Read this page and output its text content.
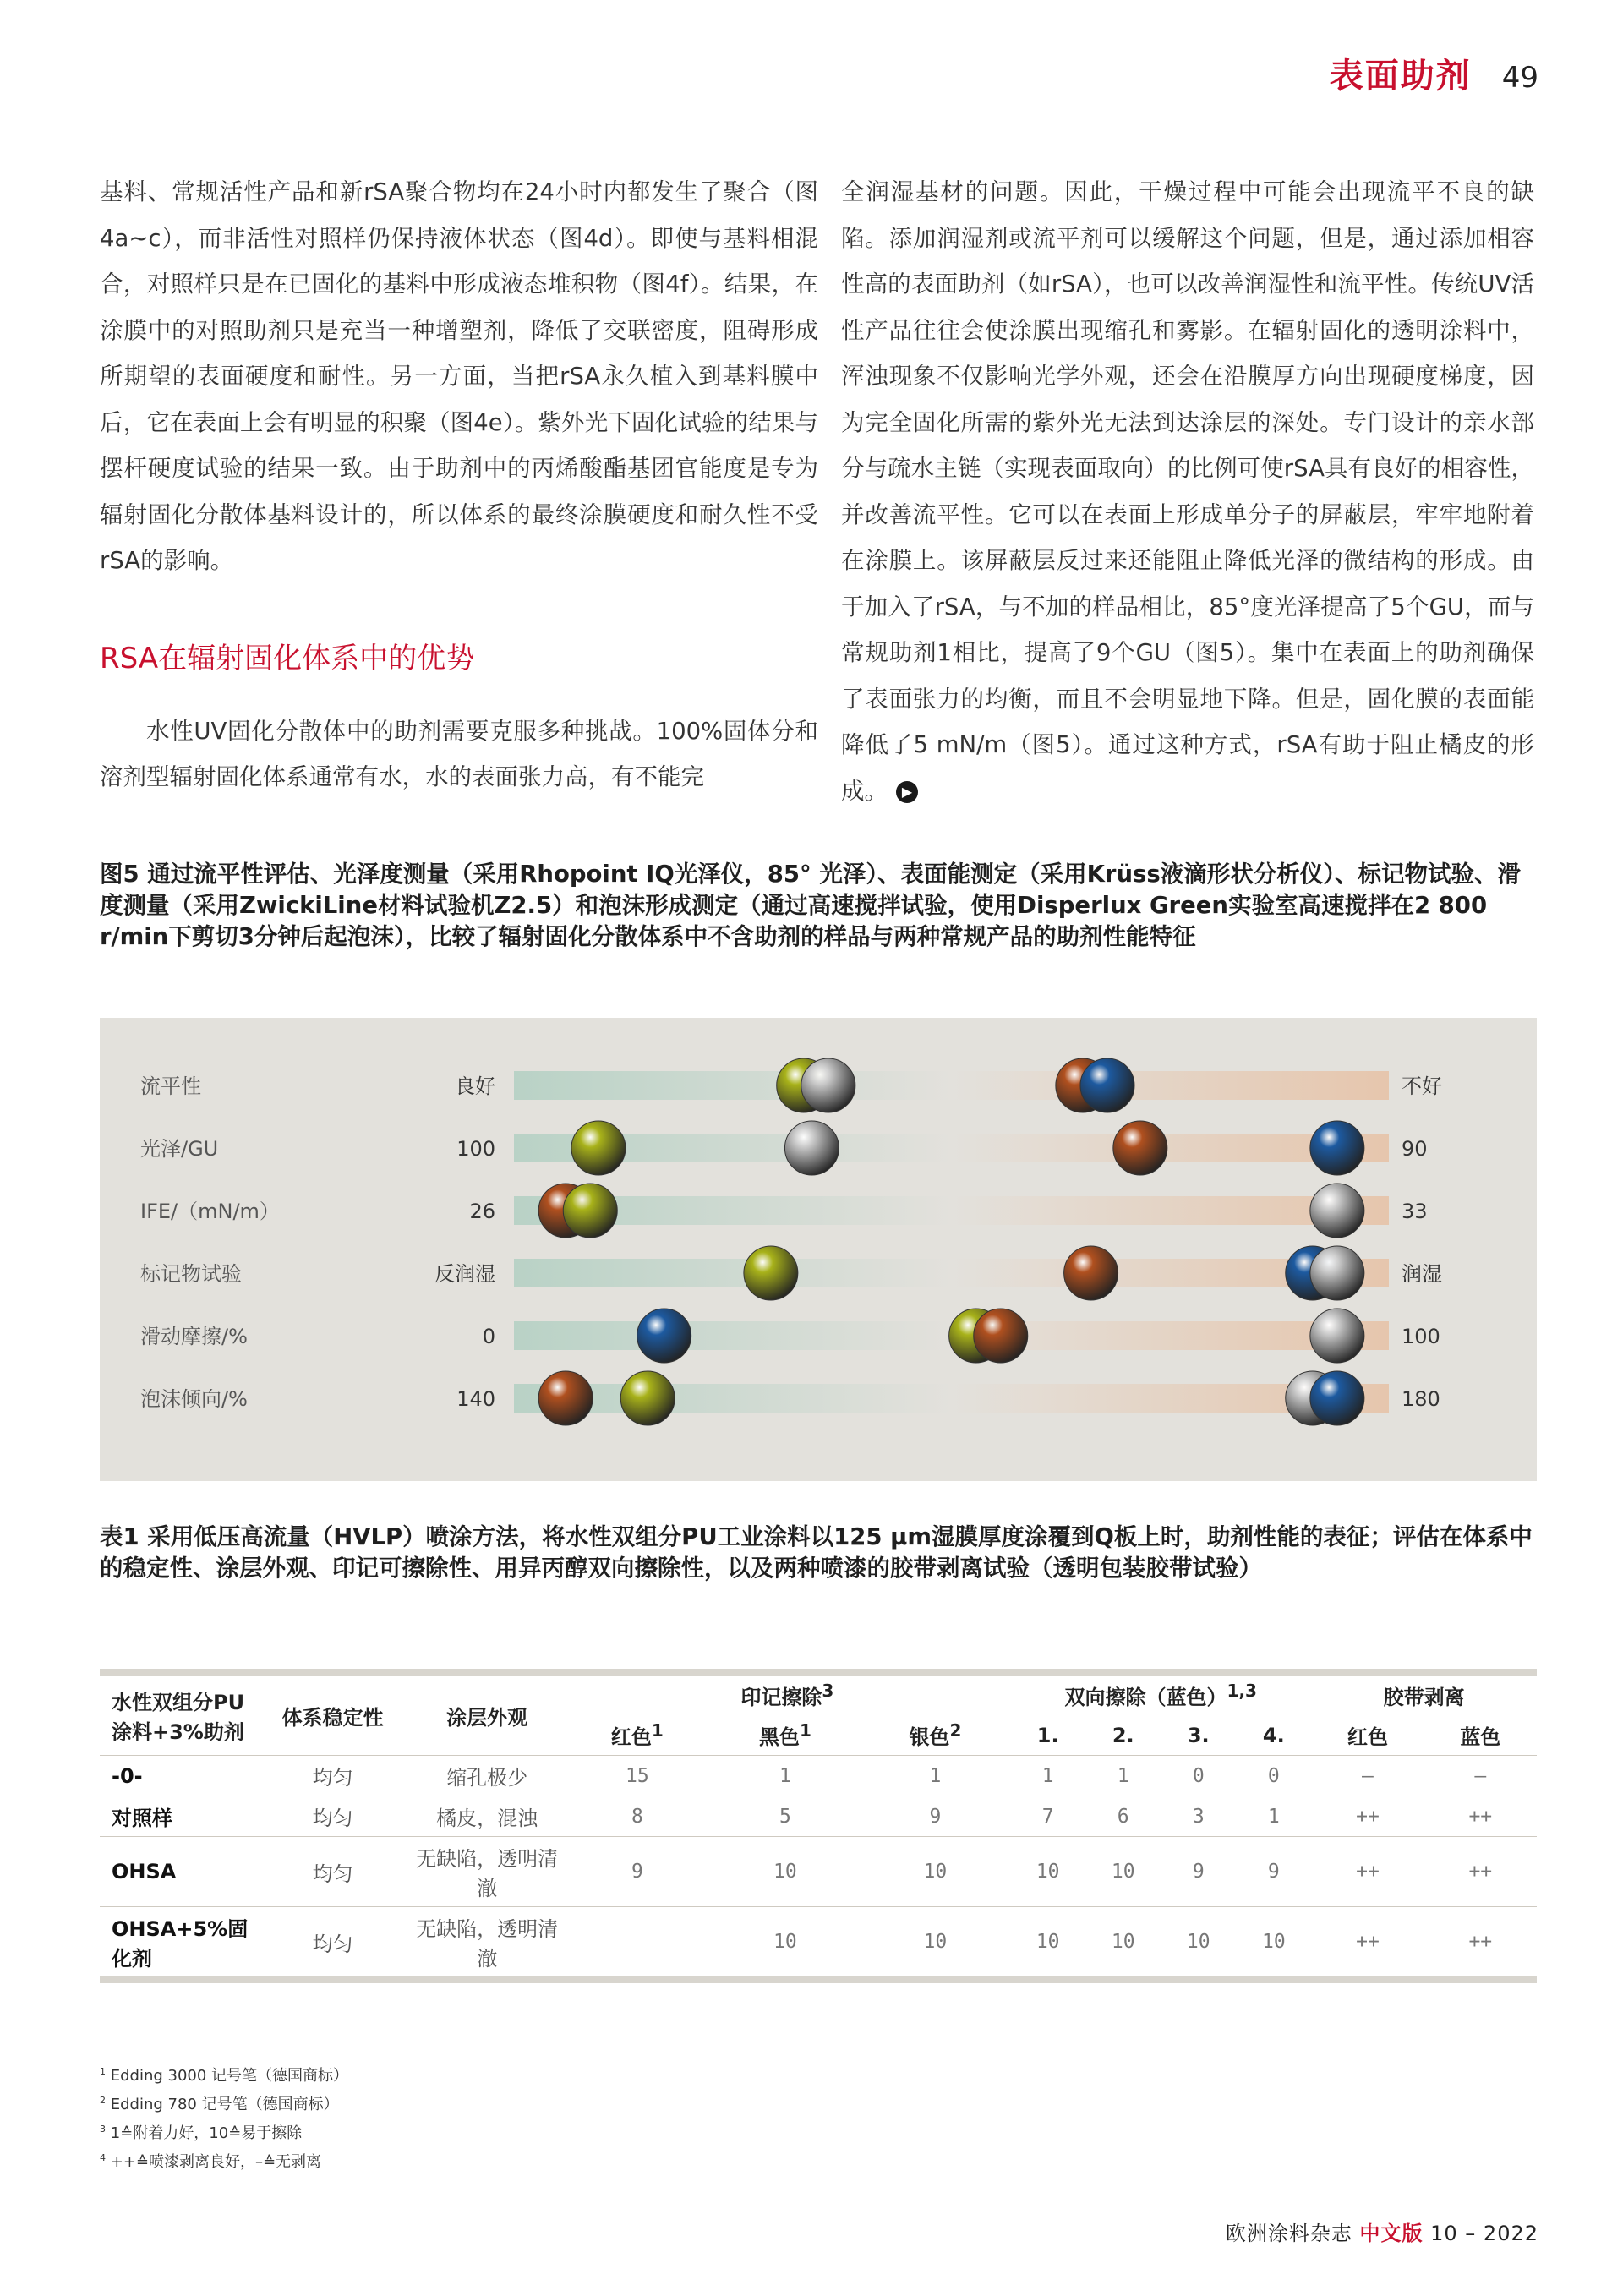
表面助剂 49

基料、常规活性产品和新rSA聚合物均在24小时内都发生了聚合（图4a~c），而非活性对照样仍保持液体状态（图4d）。即使与基料相混合，对照样只是在已固化的基料中形成液态堆积物（图4f）。结果，在涂膜中的对照助剂只是充当一种增塑剂，降低了交联密度，阻碍形成所期望的表面硬度和耐性。另一方面，当把rSA永久植入到基料膜中后，它在表面上会有明显的积聚（图4e）。紫外光下固化试验的结果与摆杆硬度试验的结果一致。由于助剂中的丙烯酸酯基团官能度是专为辐射固化分散体基料设计的，所以体系的最终涂膜硬度和耐久性不受rSA的影响。

RSA在辐射固化体系中的优势

水性UV固化分散体中的助剂需要克服多种挑战。100%固体分和溶剂型辐射固化体系通常有水，水的表面张力高，有不能完

全润湿基材的问题。因此，干燥过程中可能会出现流平不良的缺陷。添加润湿剂或流平剂可以缓解这个问题，但是，通过添加相容性高的表面助剂（如rSA），也可以改善润湿性和流平性。传统UV活性产品往往会使涂膜出现缩孔和雾影。在辐射固化的透明涂料中，浑浊现象不仅影响光学外观，还会在沿膜厚方向出现硬度梯度，因为完全固化所需的紫外光无法到达涂层的深处。专门设计的亲水部分与疏水主链（实现表面取向）的比例可使rSA具有良好的相容性，并改善流平性。它可以在表面上形成单分子的屏蔽层，牢牢地附着在涂膜上。该屏蔽层反过来还能阻止降低光泽的微结构的形成。由于加入了rSA，与不加的样品相比，85°度光泽提高了5个GU，而与常规助剂1相比，提高了9个GU（图5）。集中在表面上的助剂确保了表面张力的均衡，而且不会明显地下降。但是，固化膜的表面能降低了5 mN/m（图5）。通过这种方式，rSA有助于阻止橘皮的形成。 ▶

图5 通过流平性评估、光泽度测量（采用Rhopoint IQ光泽仪，85° 光泽）、表面能测定（采用Krüss液滴形状分析仪）、标记物试验、滑度测量（采用ZwickiLine材料试验机Z2.5）和泡沫形成测定（通过高速搅拌试验，使用Disperlux Green实验室高速搅拌在2 800 r/min下剪切3分钟后起泡沫），比较了辐射固化分散体系中不含助剂的样品与两种常规产品的助剂性能特征
流平性	良好	不好
光泽/GU	100	90
IFE/（mN/m）	26	33
标记物试验	反润湿	润湿
滑动摩擦/%	0	100
泡沫倾向/%	140	180
表1 采用低压高流量（HVLP）喷涂方法，将水性双组分PU工业涂料以125 μm湿膜厚度涂覆到Q板上时，助剂性能的表征；评估在体系中的稳定性、涂层外观、印记可擦除性、用异丙醇双向擦除性，以及两种喷漆的胶带剥离试验（透明包装胶带试验）
水性双组分PU涂料+3%助剂	体系稳定性	涂层外观	印记擦除$^3$			双向擦除（蓝色）$^{1,3}$				胶带剥离	
			红色$^1$	黑色$^1$	银色$^2$	1.	2.	3.	4.	红色	蓝色
-0-	均匀	缩孔极少	15	1	1	1	1	0	0	–	–
对照样	均匀	橘皮，混浊	8	5	9	7	6	3	1	++	++
OHSA	均匀	无缺陷，透明清澈	9	10	10	10	10	9	9	++	++
OHSA+5%固化剂	均匀	无缺陷，透明清澈		10	10	10	10	10	10	++	++
$^1$ Edding 3000 记号笔（德国商标）
$^2$ Edding 780 记号笔（德国商标）
$^3$ 1≙附着力好，10≙易于擦除
$^4$ ++≙喷漆剥离良好，–≙无剥离
欧洲涂料杂志 中文版 10 – 2022
